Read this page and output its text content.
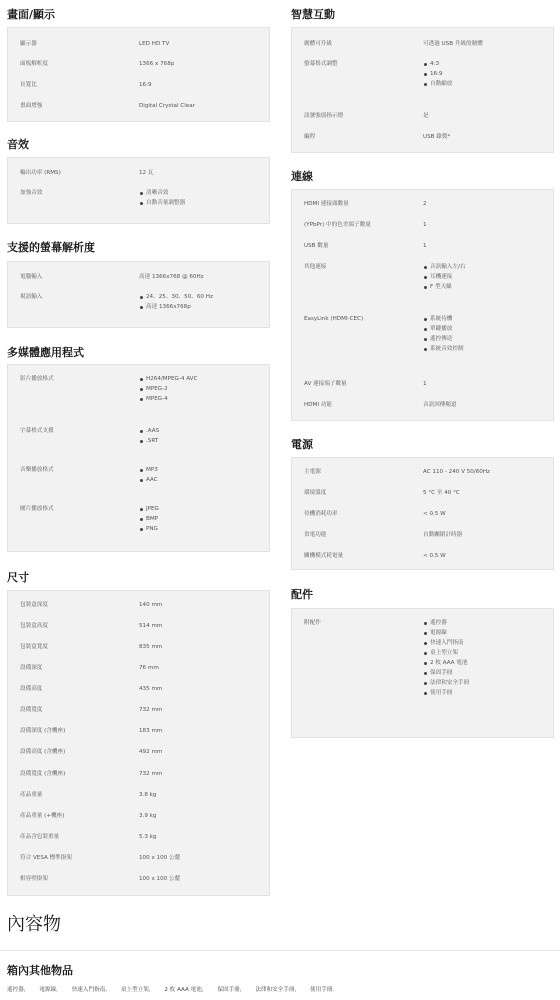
畫面/顯示
顯示器	LED HD TV
面板解析度	1366 x 768p
長寬比	16:9
畫面增強	Digital Crystal Clear
音效
輸出功率 (RMS)	12 瓦
加強音效	清晰音效
自動音量調整器
支援的螢幕解析度
電腦輸入	高達 1366x768 @ 60Hz
視訊輸入	24、25、30、50、60 Hz
高達 1366x768p
多媒體應用程式
影片播放格式	H264/MPEG-4 AVC
MPEG-2
MPEG-4
字幕格式支援	.AAS
.SRT
音樂播放格式	MP3
AAC
圖片播放格式	JPEG
BMP
PNG
尺寸
包裝盒深度	140 mm
包裝盒高度	514 mm
包裝盒寬度	835 mm
設備深度	76 mm
設備高度	435 mm
設備寬度	732 mm
設備深度 (含機座)	183 mm
設備高度 (含機座)	492 mm
設備寬度 (含機座)	732 mm
產品重量	3.8 kg
產品重量 (+機座)	3.9 kg
產品含包裝重量	5.3 kg
符合 VESA 標準掛架	100 x 100 公釐
相容壁掛架	100 x 100 公釐
智慧互動
韌體可升級	可透過 USB 升級的韌體
螢幕格式調整	4:3
16:9
自動縮放
訊號強弱指示燈	是
編程	USB 錄製*
連線
HDMI 連接頭數量	2
(YPbPr) 中的色差端子數量	1
USB 數量	1
其他連接	音訊輸入左/右
耳機連接
F 型天線
EasyLink (HDMI-CEC)	系統待機
單鍵播放
遙控傳送
系統音效控制
AV 連接端子數量	1
HDMI 功能	音訊回傳頻道
電源
主電源	AC 110 - 240 V 50/60Hz
環境溫度	5 °C 至 40 °C
待機消耗功率	< 0.5 W
省電功能	自動關閉計時器
關機模式耗電量	< 0.5 W
配件
附配件	遙控器
電源線
快速入門指南
桌上型立架
2 枚 AAA 電池
保固手冊
法律和安全手冊
使用手冊
內容物
箱內其他物品
遙控器, 電源線, 快速入門指南, 桌上型立架, 2 枚 AAA 電池, 保固手冊, 法律和安全手冊, 使用手冊.
